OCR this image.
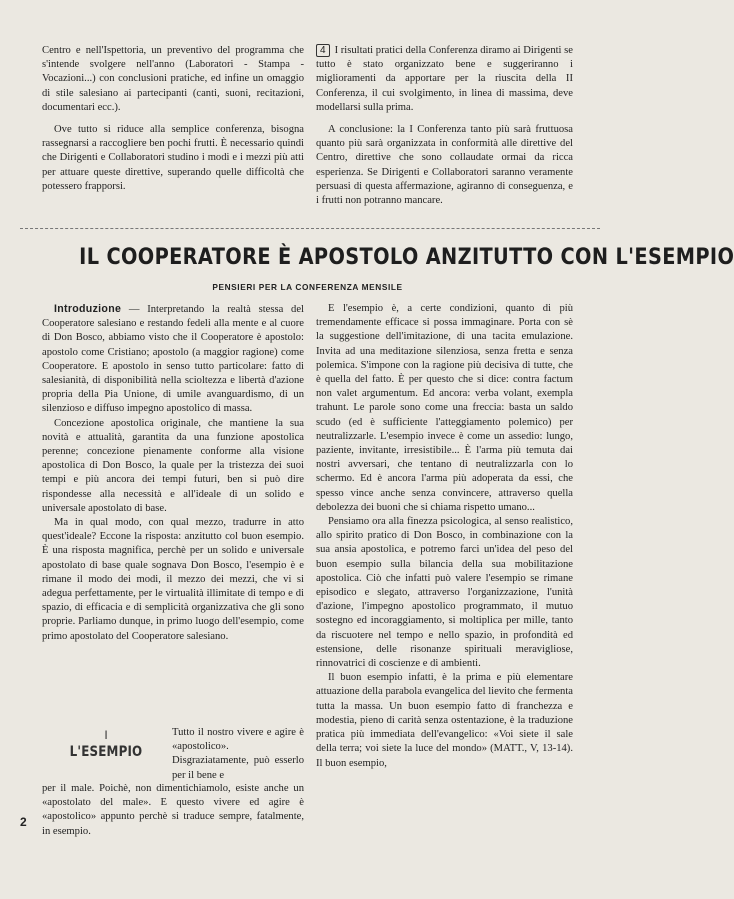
Centro e nell'Ispettoria, un preventivo del programma che s'intende svolgere nell'anno (Laboratori - Stampa - Vocazioni...) con conclusioni pratiche, ed infine un omaggio di stile salesiano ai partecipanti (canti, suoni, recitazioni, documentari ecc.).

Ove tutto si riduce alla semplice conferenza, bisogna rassegnarsi a raccogliere ben pochi frutti. È necessario quindi che Dirigenti e Collaboratori studino i modi e i mezzi più atti per attuare queste direttive, superando quelle difficoltà che potessero frapporsi.

4 I risultati pratici della Conferenza diramo ai Dirigenti se tutto è stato organizzato bene e suggeriranno i miglioramenti da apportare per la riuscita della II Conferenza, il cui svolgimento, in linea di massima, deve modellarsi sulla prima.

A conclusione: la I Conferenza tanto più sarà fruttuosa quanto più sarà organizzata in conformità alle direttive del Centro, direttive che sono collaudate ormai da ricca esperienza. Se Dirigenti e Collaboratori saranno veramente persuasi di questa affermazione, agiranno di conseguenza, e i frutti non potranno mancare.

IL COOPERATORE È APOSTOLO ANZITUTTO CON L'ESEMPIO
PENSIERI PER LA CONFERENZA MENSILE

Introduzione — Interpretando la realtà stessa del Cooperatore salesiano e restando fedeli alla mente e al cuore di Don Bosco, abbiamo visto che il Cooperatore è apostolo: apostolo come Cristiano; apostolo (a maggior ragione) come Cooperatore. E apostolo in senso tutto particolare: fatto di salesianità, di disponibilità nella scioltezza e libertà d'azione propria della Pia Unione, di umile avanguardismo, di un silenzioso e diffuso impegno apostolico di massa.

Concezione apostolica originale, che mantiene la sua novità e attualità, garantita da una funzione apostolica perenne; concezione pienamente conforme alla visione apostolica di Don Bosco, la quale per la tristezza dei suoi tempi e più ancora dei tempi futuri, ben si può dire rispondesse alla necessità e all'ideale di un solido e universale apostolato di base.

Ma in qual modo, con qual mezzo, tradurre in atto quest'ideale? Eccone la risposta: anzitutto col buon esempio. È una risposta magnifica, perchè per un solido e universale apostolato di base quale sognava Don Bosco, l'esempio è e rimane il modo dei modi, il mezzo dei mezzi, che vi si adegua perfettamente, per le virtualità illimitate di tempo e di spazio, di efficacia e di semplicità organizzativa che gli sono proprie. Parliamo dunque, in primo luogo dell'esempio, come primo apostolato del Cooperatore salesiano.

I
L'ESEMPIO

Tutto il nostro vivere e agire è «apostolico». Disgraziatamente, può esserlo per il bene e

per il male. Poichè, non dimentichiamolo, esiste anche un «apostolato del male». E questo vivere ed agire è «apostolico» appunto perchè si traduce sempre, fatalmente, in esempio.

E l'esempio è, a certe condizioni, quanto di più tremendamente efficace si possa immaginare. Porta con sè la suggestione dell'imitazione, di una tacita emulazione. Invita ad una meditazione silenziosa, senza fretta e senza polemica. S'impone con la ragione più decisiva di tutte, che è quella del fatto. È per questo che si dice: contra factum non valet argumentum. Ed ancora: verba volant, exempla trahunt. Le parole sono come una freccia: basta un saldo scudo (ed è sufficiente l'atteggiamento polemico) per neutralizzarle. L'esempio invece è come un assedio: lungo, paziente, invitante, irresistibile... È l'arma più temuta dai nostri avversari, che tentano di neutralizzarla con lo schermo. Ed è ancora l'arma più adoperata da essi, che spesso vince anche senza convincere, attraverso quella debolezza dei buoni che si chiama rispetto umano...

Pensiamo ora alla finezza psicologica, al senso realistico, allo spirito pratico di Don Bosco, in combinazione con la sua ansia apostolica, e potremo farci un'idea del peso del buon esempio sulla bilancia della sua mobilitazione apostolica. Ciò che infatti può valere l'esempio se rimane episodico e slegato, attraverso l'organizzazione, l'unità d'azione, l'impegno apostolico programmato, il mutuo sostegno ed incoraggiamento, si moltiplica per mille, tanto da riscuotere nel tempo e nello spazio, in profondità ed estensione, delle risonanze spirituali meravigliose, rinnovatrici di coscienze e di ambienti.

Il buon esempio infatti, è la prima e più elementare attuazione della parabola evangelica del lievito che fermenta tutta la massa. Un buon esempio fatto di franchezza e modestia, pieno di carità senza ostentazione, è la traduzione pratica più immediata dell'evangelico: «Voi siete il sale della terra; voi siete la luce del mondo» (MATT., V, 13-14). Il buon esempio,

2
